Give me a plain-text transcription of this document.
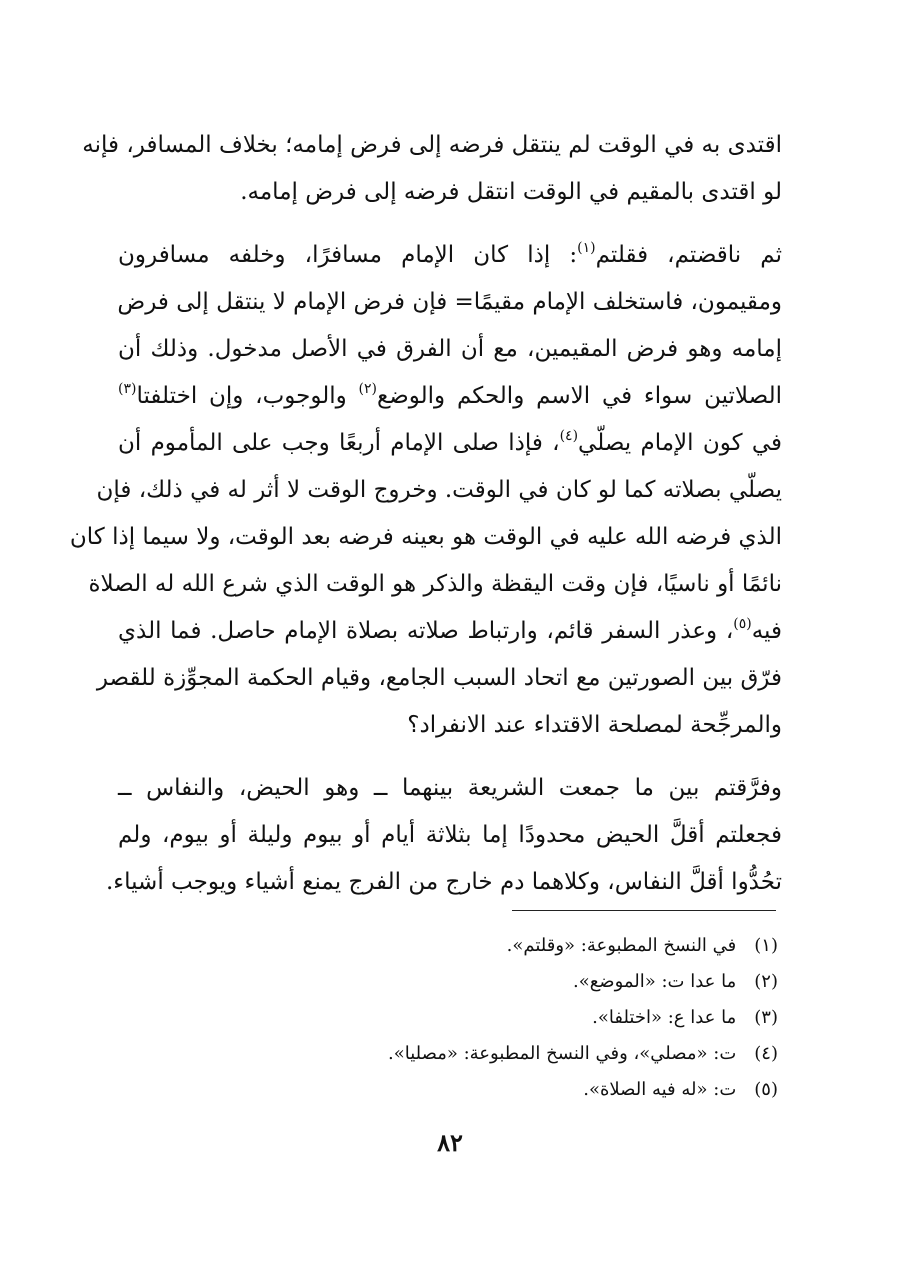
اقتدى به في الوقت لم ينتقل فرضه إلى فرض إمامه؛ بخلاف المسافر، فإنه
لو اقتدى بالمقيم في الوقت انتقل فرضه إلى فرض إمامه.
ثم ناقضتم، فقلتم$^{(١)}$: إذا كان الإمام مسافرًا، وخلفه مسافرون
ومقيمون، فاستخلف الإمام مقيمًا= فإن فرض الإمام لا ينتقل إلى فرض
إمامه وهو فرض المقيمين، مع أن الفرق في الأصل مدخول. وذلك أن
الصلاتين سواء في الاسم والحكم والوضع$^{(٢)}$ والوجوب، وإن اختلفتا$^{(٣)}$
في كون الإمام يصلّي$^{(٤)}$، فإذا صلى الإمام أربعًا وجب على المأموم أن
يصلّي بصلاته كما لو كان في الوقت. وخروج الوقت لا أثر له في ذلك، فإن
الذي فرضه الله عليه في الوقت هو بعينه فرضه بعد الوقت، ولا سيما إذا كان
نائمًا أو ناسيًا، فإن وقت اليقظة والذكر هو الوقت الذي شرع الله له الصلاة
فيه$^{(٥)}$، وعذر السفر قائم، وارتباط صلاته بصلاة الإمام حاصل. فما الذي
فرّق بين الصورتين مع اتحاد السبب الجامع، وقيام الحكمة المجوِّزة للقصر
والمرجِّحة لمصلحة الاقتداء عند الانفراد؟
وفرَّقتم بين ما جمعت الشريعة بينهما ــ وهو الحيض، والنفاس ــ
فجعلتم أقلَّ الحيض محدودًا إما بثلاثة أيام أو بيوم وليلة أو بيوم، ولم
تحُدُّوا أقلَّ النفاس، وكلاهما دم خارج من الفرج يمنع أشياء ويوجب أشياء.
(١) في النسخ المطبوعة: «وقلتم».
(٢) ما عدا ت: «الموضع».
(٣) ما عدا ع: «اختلفا».
(٤) ت: «مصلي»، وفي النسخ المطبوعة: «مصليا».
(٥) ت: «له فيه الصلاة».
٨٢
